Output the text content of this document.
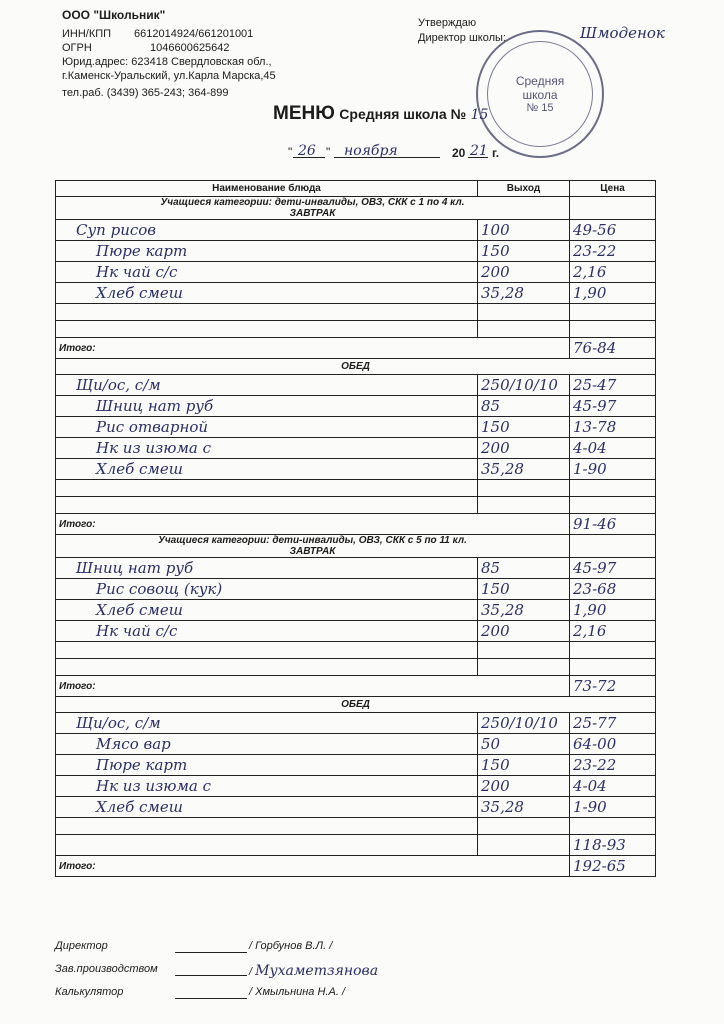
ООО "Школьник"
ИНН/КПП 6612014924/661201001
ОГРН	1046600625642
Юрид.адрес: 623418 Свердловская обл.,
г.Каменск-Уральский, ул.Карла Марска,45
тел.раб. (3439) 365-243; 364-899
Утверждаю
Директор школы:	Шмоденок
Средняя школа
№ 15
МЕНЮ Средняя школа № 15
" 26 " ноября	20 21 г.
Наименование блюда	Выход	Цена

Учащиеся категории: дети-инвалиды, ОВЗ, СКК с 1 по 4 кл.
ЗАВТРАК		

Суп рисов	100	49-56
Пюре карт	150	23-22
Нк чай с/с	200	2,16
Хлеб смеш	35,28	1,90

Итого:		76-84
ОБЕД		
Щи/ос, с/м	250/10/10	25-47
Шниц нат руб	85	45-97
Рис отварной	150	13-78
Нк из изюма с	200	4-04
Хлеб смеш	35,28	1-90

Итого:		91-46

Учащиеся категории: дети-инвалиды, ОВЗ, СКК с 5 по 11 кл.
ЗАВТРАК		

Шниц нат руб	85	45-97
Рис совощ (кук)	150	23-68
Хлеб смеш	35,28	1,90
Нк чай с/с	200	2,16

Итого:		73-72
ОБЕД		
Щи/ос, с/м	250/10/10	25-77
Мясо вар	50	64-00
Пюре карт	150	23-22
Нк из изюма с	200	4-04
Хлеб смеш	35,28	1-90

		118-93
Итого:		192-65
Директор	/ Горбунов В.Л. /
Зав.производством	/ Мухаметзянова
Калькулятор	/ Хмыльнина Н.А. /
